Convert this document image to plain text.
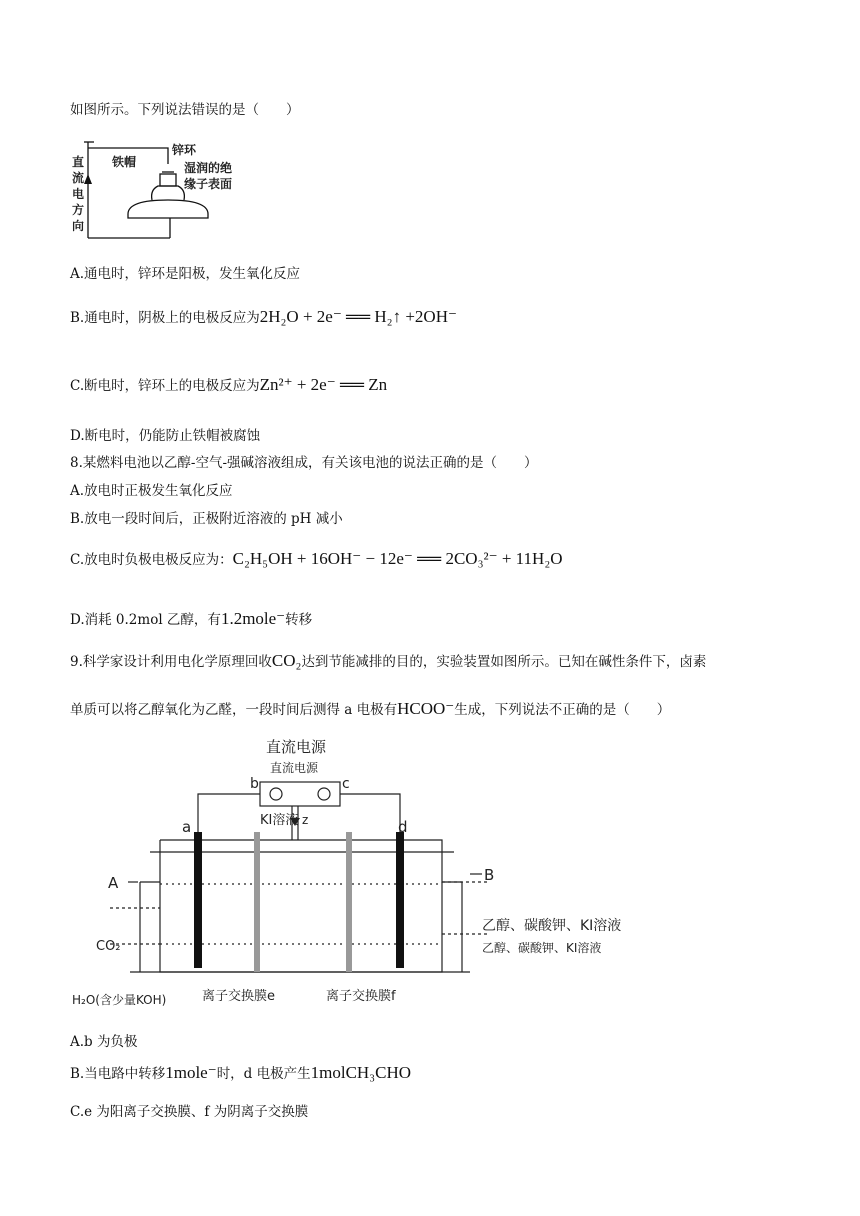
如图所示。下列说法错误的是（　　）
直
流
电
方
向
铁帽
锌环
湿润的绝
缘子表面
A.通电时，锌环是阳极，发生氧化反应
B.通电时，阴极上的电极反应为2H₂O + 2e⁻ ══ H₂↑ +2OH⁻
C.断电时，锌环上的电极反应为Zn²⁺ + 2e⁻ ══ Zn
D.断电时，仍能防止铁帽被腐蚀
8.某燃料电池以乙醇-空气-强碱溶液组成，有关该电池的说法正确的是（　　）
A.放电时正极发生氧化反应
B.放电一段时间后，正极附近溶液的 pH 减小
C.放电时负极电极反应为：C₂H₅OH + 16OH⁻ − 12e⁻ ══ 2CO₃²⁻ + 11H₂O
D.消耗 0.2mol 乙醇，有1.2mole⁻转移
9.科学家设计利用电化学原理回收CO₂达到节能减排的目的，实验装置如图所示。已知在碱性条件下，卤素
单质可以将乙醇氧化为乙醛，一段时间后测得 a 电极有HCOO⁻生成，下列说法不正确的是（　　）
直流电源
直流电源
b	c
KI溶液 z
a	d
A	B
CO₂
乙醇、碳酸钾、KI溶液
乙醇、碳酸钾、KI溶液
H₂O(含少量KOH)	离子交换膜e	离子交换膜f
A.b 为负极
B.当电路中转移1mole⁻时，d 电极产生1molCH₃CHO
C.e 为阳离子交换膜、f 为阴离子交换膜
